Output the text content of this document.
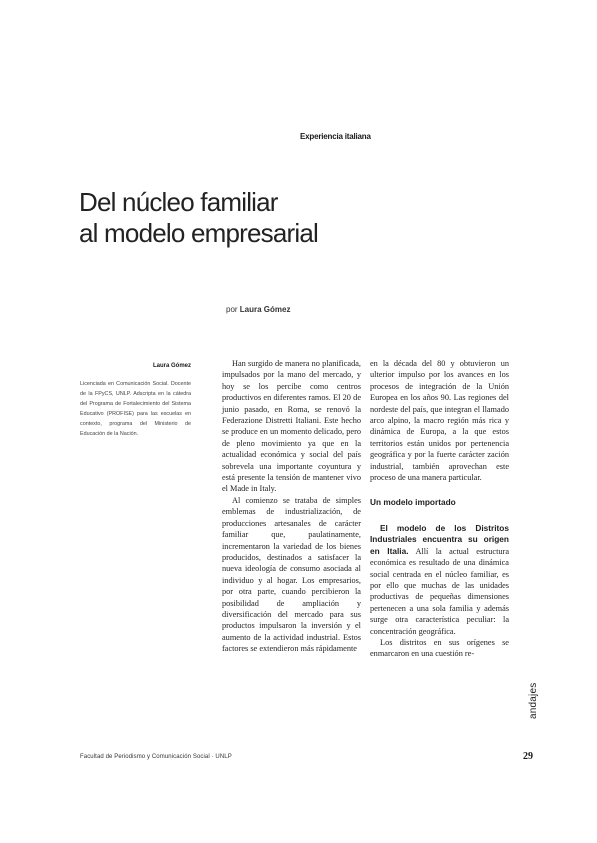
Experiencia italiana
Del núcleo familiar
al modelo empresarial
por Laura Gómez
Laura Gómez
Licenciada en Comunicación Social. Docente de la FPyCS, UNLP. Adscripta en la cátedra del Programa de Fortalecimiento del Sistema Educativo (PROFISE) para las escuelas en contexto, programa del Ministerio de Educación de la Nación.

Han surgido de manera no planificada, impulsados por la mano del mercado, y hoy se los percibe como centros productivos en diferentes ramos. El 20 de junio pasado, en Roma, se renovó la Federazione Distretti Italiani. Este hecho se produce en un momento delicado, pero de pleno movimiento ya que en la actualidad económica y social del país sobrevela una importante coyuntura y está presente la tensión de mantener vivo el Made in Italy.

Al comienzo se trataba de simples emblemas de industrialización, de producciones artesanales de carácter familiar que, paulatinamente, incrementaron la variedad de los bienes producidos, destinados a satisfacer la nueva ideología de consumo asociada al individuo y al hogar. Los empresarios, por otra parte, cuando percibieron la posibilidad de ampliación y diversificación del mercado para sus productos impulsaron la inversión y el aumento de la actividad industrial. Estos factores se extendieron más rápidamente

en la década del 80 y obtuvieron un ulterior impulso por los avances en los procesos de integración de la Unión Europea en los años 90. Las regiones del nordeste del país, que integran el llamado arco alpino, la macro región más rica y dinámica de Europa, a la que estos territorios están unidos por pertenencia geográfica y por la fuerte carácter zación industrial, también aprovechan este proceso de una manera particular.

Un modelo importado

El modelo de los Distritos Industriales encuentra su origen en Italia. Allí la actual estructura económica es resultado de una dinámica social centrada en el núcleo familiar, es por ello que muchas de las unidades productivas de pequeñas dimensiones pertenecen a una sola familia y además surge otra característica peculiar: la concentración geográfica.

Los distritos en sus orígenes se enmarcaron en una cuestión re-

andajes
Facultad de Periodismo y Comunicación Social · UNLP	29
